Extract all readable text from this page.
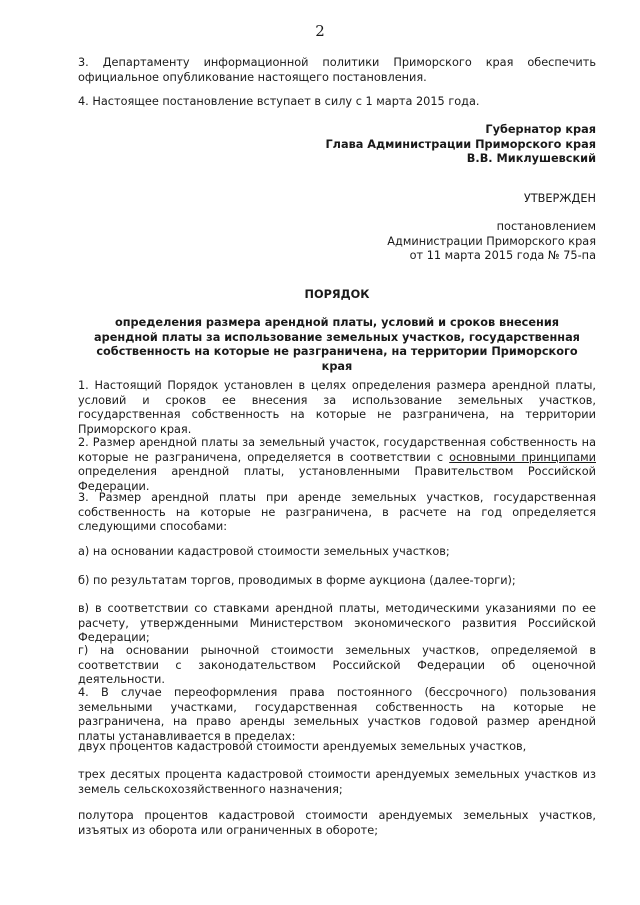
2

3. Департаменту информационной политики Приморского края обеспечить официальное опубликование настоящего постановления.

4. Настоящее постановление вступает в силу с 1 марта 2015 года.

Губернатор края
Глава Администрации Приморского края
В.В. Миклушевский
УТВЕРЖДЕН
постановлением
Администрации Приморского края
от 11 марта 2015 года № 75-па
ПОРЯДОК

определения размера арендной платы, условий и сроков внесения арендной платы за использование земельных участков, государственная собственность на которые не разграничена, на территории Приморского края

1. Настоящий Порядок установлен в целях определения размера арендной платы, условий и сроков ее внесения за использование земельных участков, государственная собственность на которые не разграничена, на территории Приморского края.

2. Размер арендной платы за земельный участок, государственная собственность на которые не разграничена, определяется в соответствии с основными принципами определения арендной платы, установленными Правительством Российской Федерации.

3. Размер арендной платы при аренде земельных участков, государственная собственность на которые не разграничена, в расчете на год определяется следующими способами:

а) на основании кадастровой стоимости земельных участков;

б) по результатам торгов, проводимых в форме аукциона (далее-торги);

в) в соответствии со ставками арендной платы, методическими указаниями по ее расчету, утвержденными Министерством экономического развития Российской Федерации;

г) на основании рыночной стоимости земельных участков, определяемой в соответствии с законодательством Российской Федерации об оценочной деятельности.

4. В случае переоформления права постоянного (бессрочного) пользования земельными участками, государственная собственность на которые не разграничена, на право аренды земельных участков годовой размер арендной платы устанавливается в пределах:

двух процентов кадастровой стоимости арендуемых земельных участков,

трех десятых процента кадастровой стоимости арендуемых земельных участков из земель сельскохозяйственного назначения;

полутора процентов кадастровой стоимости арендуемых земельных участков, изъятых из оборота или ограниченных в обороте;
